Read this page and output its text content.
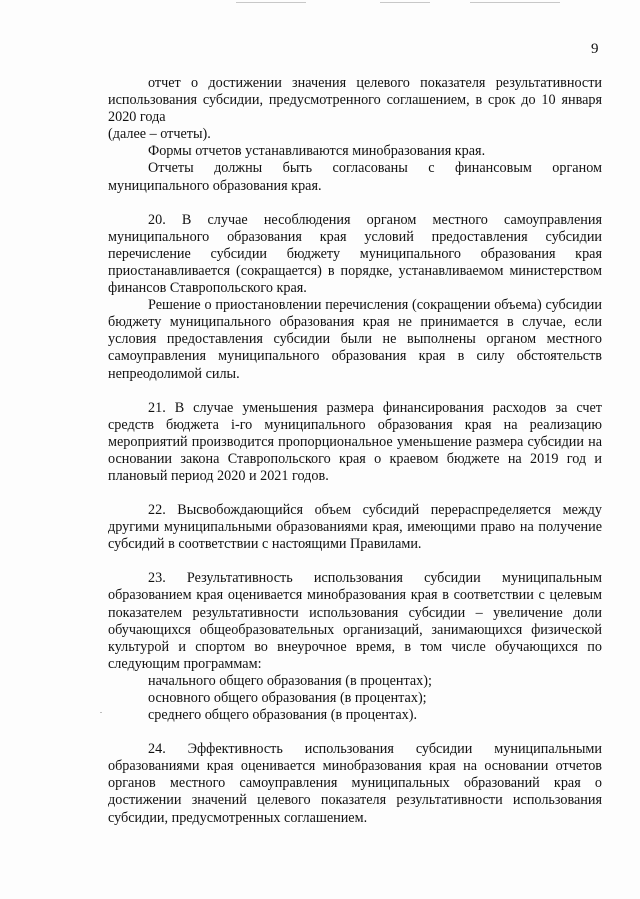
9

отчет о достижении значения целевого показателя результативности использования субсидии, предусмотренного соглашением, в срок до 10 января 2020 года

(далее – отчеты).

Формы отчетов устанавливаются минобразования края.

Отчеты должны быть согласованы с финансовым органом муниципального образования края.

20. В случае несоблюдения органом местного самоуправления муниципального образования края условий предоставления субсидии перечисление субсидии бюджету муниципального образования края приостанавливается (сокращается) в порядке, устанавливаемом министерством финансов Ставропольского края.

Решение о приостановлении перечисления (сокращении объема) субсидии бюджету муниципального образования края не принимается в случае, если условия предоставления субсидии были не выполнены органом местного самоуправления муниципального образования края в силу обстоятельств непреодолимой силы.

21. В случае уменьшения размера финансирования расходов за счет средств бюджета i-го муниципального образования края на реализацию мероприятий производится пропорциональное уменьшение размера субсидии на основании закона Ставропольского края о краевом бюджете на 2019 год и плановый период 2020 и 2021 годов.

22. Высвобождающийся объем субсидий перераспределяется между другими муниципальными образованиями края, имеющими право на получение субсидий в соответствии с настоящими Правилами.

23. Результативность использования субсидии муниципальным образованием края оценивается минобразования края в соответствии с целевым показателем результативности использования субсидии – увеличение доли обучающихся общеобразовательных организаций, занимающихся физической культурой и спортом во внеурочное время, в том числе обучающихся по следующим программам:

начального общего образования (в процентах);

основного общего образования (в процентах);

среднего общего образования (в процентах).

24. Эффективность использования субсидии муниципальными образованиями края оценивается минобразования края на основании отчетов органов местного самоуправления муниципальных образований края о достижении значений целевого показателя результативности использования субсидии, предусмотренных соглашением.
